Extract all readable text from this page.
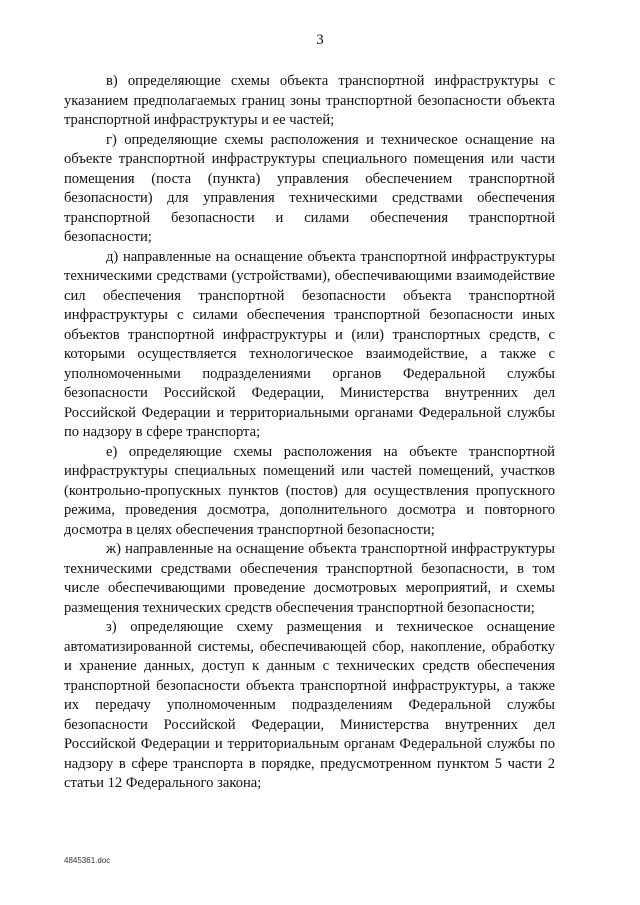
3

в) определяющие схемы объекта транспортной инфраструктуры с указанием предполагаемых границ зоны транспортной безопасности объекта транспортной инфраструктуры и ее частей;

г) определяющие схемы расположения и техническое оснащение на объекте транспортной инфраструктуры специального помещения или части помещения (поста (пункта) управления обеспечением транспортной безопасности) для управления техническими средствами обеспечения транспортной безопасности и силами обеспечения транспортной безопасности;

д) направленные на оснащение объекта транспортной инфраструктуры техническими средствами (устройствами), обеспечивающими взаимодействие сил обеспечения транспортной безопасности объекта транспортной инфраструктуры с силами обеспечения транспортной безопасности иных объектов транспортной инфраструктуры и (или) транспортных средств, с которыми осуществляется технологическое взаимодействие, а также с уполномоченными подразделениями органов Федеральной службы безопасности Российской Федерации, Министерства внутренних дел Российской Федерации и территориальными органами Федеральной службы по надзору в сфере транспорта;

е) определяющие схемы расположения на объекте транспортной инфраструктуры специальных помещений или частей помещений, участков (контрольно-пропускных пунктов (постов) для осуществления пропускного режима, проведения досмотра, дополнительного досмотра и повторного досмотра в целях обеспечения транспортной безопасности;

ж) направленные на оснащение объекта транспортной инфраструктуры техническими средствами обеспечения транспортной безопасности, в том числе обеспечивающими проведение досмотровых мероприятий, и схемы размещения технических средств обеспечения транспортной безопасности;

з) определяющие схему размещения и техническое оснащение автоматизированной системы, обеспечивающей сбор, накопление, обработку и хранение данных, доступ к данным с технических средств обеспечения транспортной безопасности объекта транспортной инфраструктуры, а также их передачу уполномоченным подразделениям Федеральной службы безопасности Российской Федерации, Министерства внутренних дел Российской Федерации и территориальным органам Федеральной службы по надзору в сфере транспорта в порядке, предусмотренном пунктом 5 части 2 статьи 12 Федерального закона;

4845361.doc
